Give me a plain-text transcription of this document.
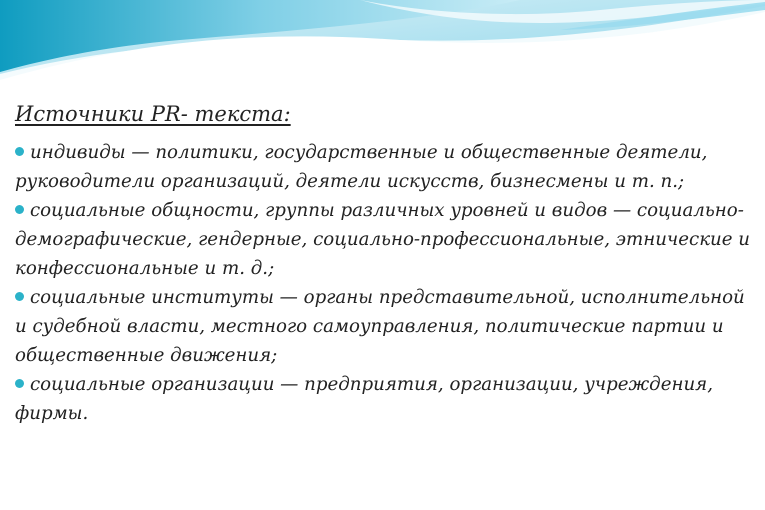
Источники PR- текста:
индивиды — политики, государственные и общественные деятели, руководители организаций, деятели искусств, бизнесмены и т. п.;
социальные общности, группы различных уровней и видов — социально-демографические, гендерные, социально-профессиональные, этнические и конфессиональные и т. д.;
социальные институты — органы представительной, исполнительной и судебной власти, местного самоуправления, политические партии и общественные движения;
социальные организации — предприятия, организации, учреждения, фирмы.
